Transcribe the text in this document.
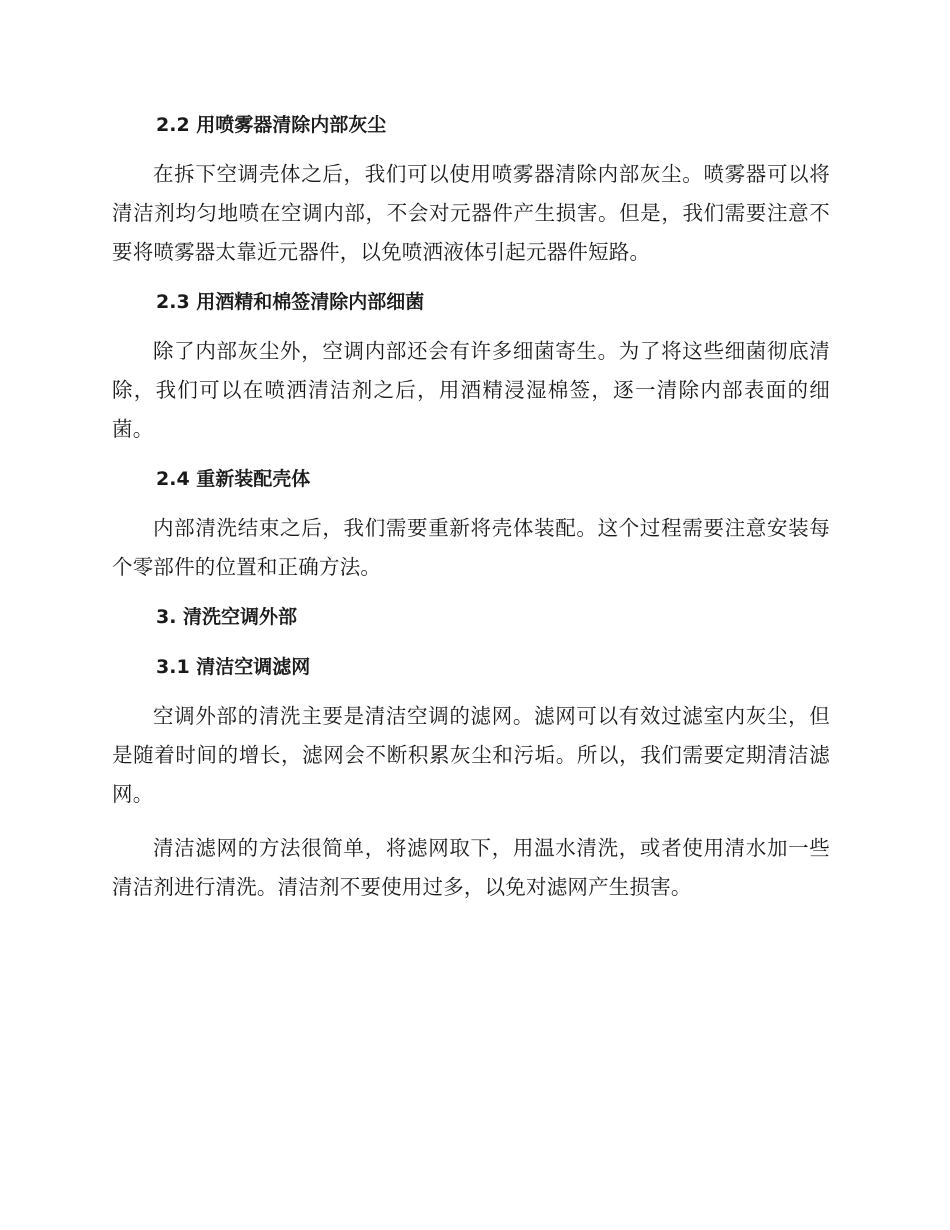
2.2 用喷雾器清除内部灰尘

在拆下空调壳体之后，我们可以使用喷雾器清除内部灰尘。喷雾器可以将清洁剂均匀地喷在空调内部，不会对元器件产生损害。但是，我们需要注意不要将喷雾器太靠近元器件，以免喷洒液体引起元器件短路。

2.3 用酒精和棉签清除内部细菌

除了内部灰尘外，空调内部还会有许多细菌寄生。为了将这些细菌彻底清除，我们可以在喷洒清洁剂之后，用酒精浸湿棉签，逐一清除内部表面的细菌。

2.4 重新装配壳体

内部清洗结束之后，我们需要重新将壳体装配。这个过程需要注意安装每个零部件的位置和正确方法。

3. 清洗空调外部
3.1 清洁空调滤网

空调外部的清洗主要是清洁空调的滤网。滤网可以有效过滤室内灰尘，但是随着时间的增长，滤网会不断积累灰尘和污垢。所以，我们需要定期清洁滤网。

清洁滤网的方法很简单，将滤网取下，用温水清洗，或者使用清水加一些清洁剂进行清洗。清洁剂不要使用过多，以免对滤网产生损害。
